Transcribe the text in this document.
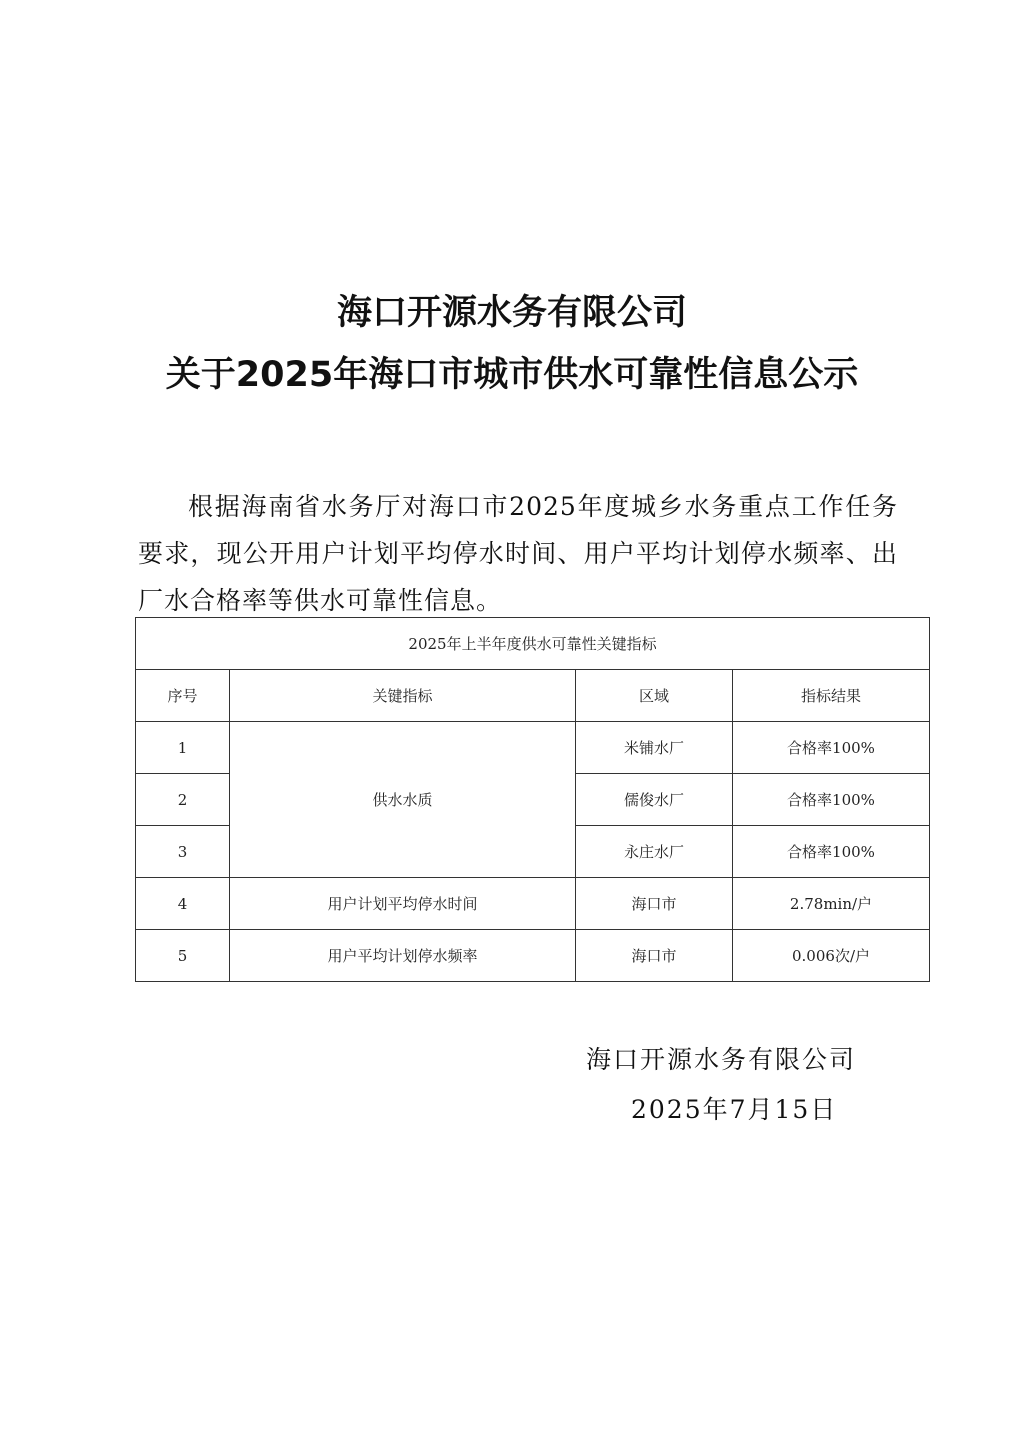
海口开源水务有限公司
关于2025年海口市城市供水可靠性信息公示
根据海南省水务厅对海口市2025年度城乡水务重点工作任务要求，现公开用户计划平均停水时间、用户平均计划停水频率、出厂水合格率等供水可靠性信息。
2025年上半年度供水可靠性关键指标			
序号	关键指标	区域	指标结果
1	供水水质	米铺水厂	合格率100%
2		儒俊水厂	合格率100%
3		永庄水厂	合格率100%
4	用户计划平均停水时间	海口市	2.78min/户
5	用户平均计划停水频率	海口市	0.006次/户
海口开源水务有限公司
2025年7月15日
